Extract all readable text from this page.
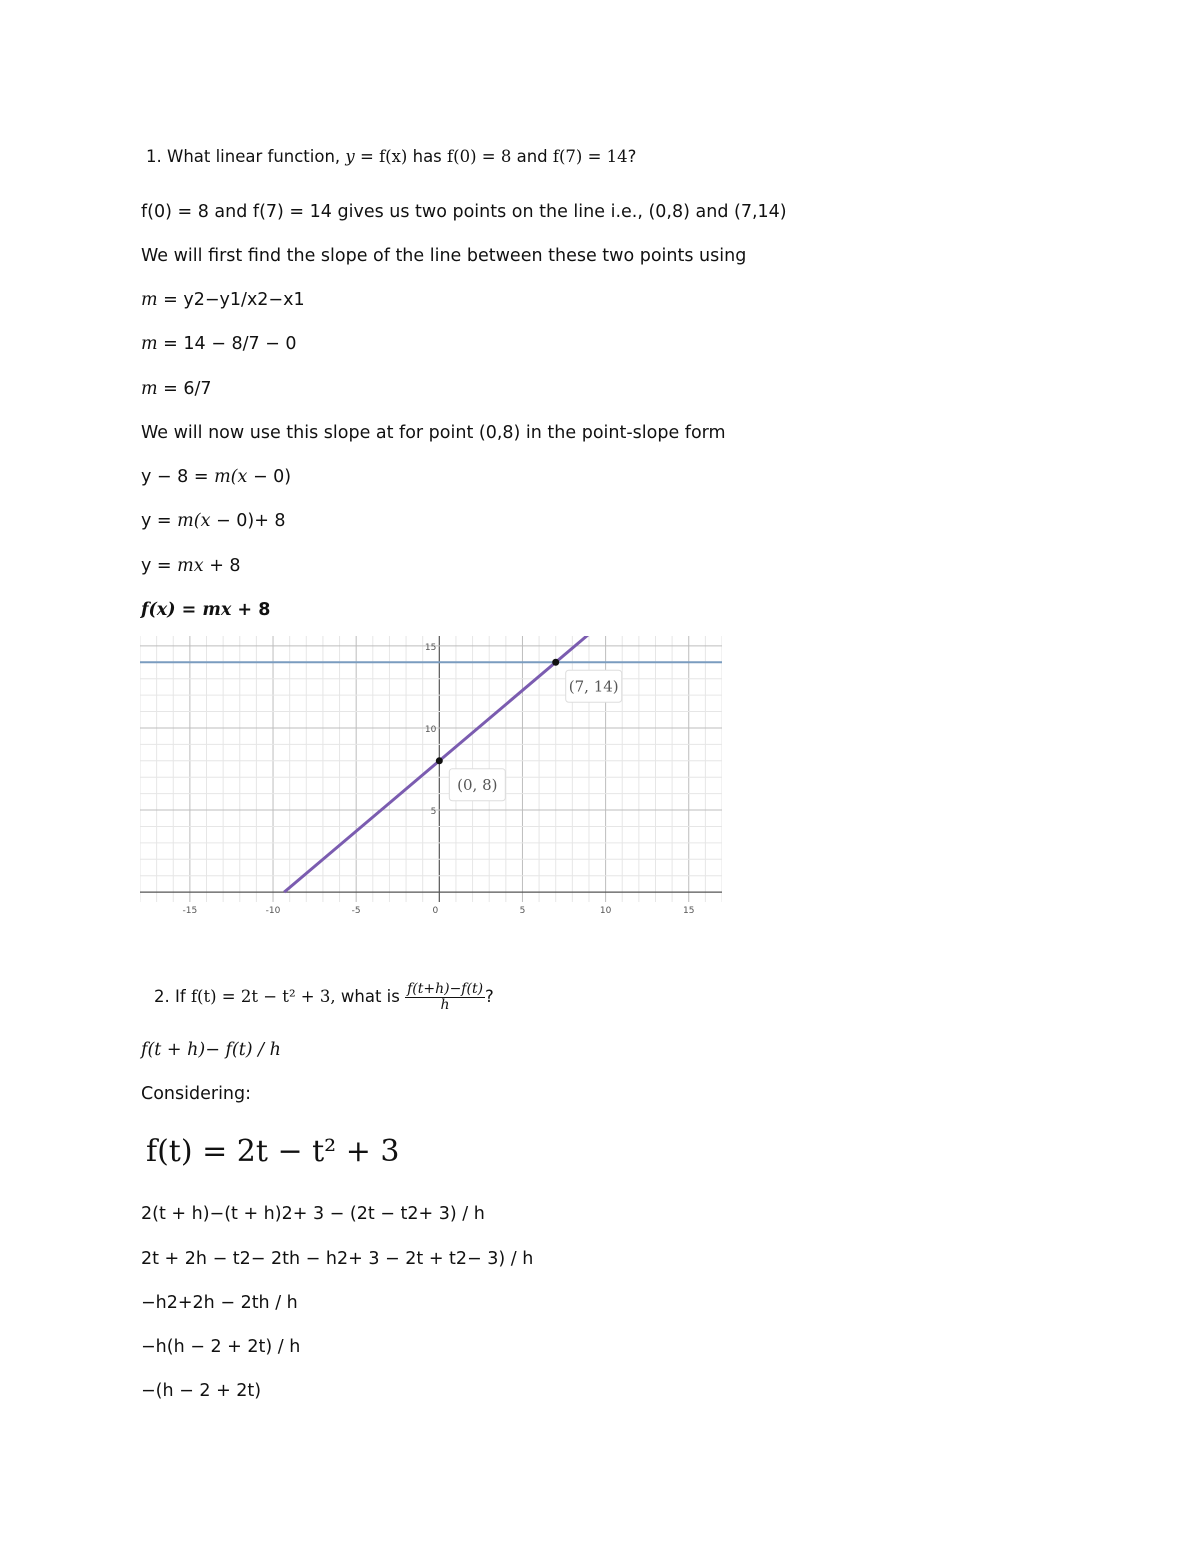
1. What linear function, y = f(x) has f(0) = 8 and f(7) = 14?
f(0) = 8 and f(7) = 14 gives us two points on the line i.e., (0,8) and (7,14)
We will first find the slope of the line between these two points using
m = y2−y1/x2−x1
m = 14 − 8/7 − 0
m = 6/7
We will now use this slope at for point (0,8) in the point-slope form
y − 8 = m(x − 0)
y = m(x − 0)+ 8
y = mx + 8
f(x) = mx + 8
-15	-10	-5	0	5	10	15
5
10
15
(0, 8)
(7, 14)
2. If f(t) = 2t − t² + 3, what is $\frac{f(t+h)-f(t)}{h}$ ?
f(t + h)− f(t) / h
Considering:
f(t) = 2t − t² + 3
2(t + h)−(t + h)2+ 3 − (2t − t2+ 3) / h
2t + 2h − t2− 2th − h2+ 3 − 2t + t2− 3) / h
−h2+2h − 2th / h
−h(h − 2 + 2t) / h
−(h − 2 + 2t)
